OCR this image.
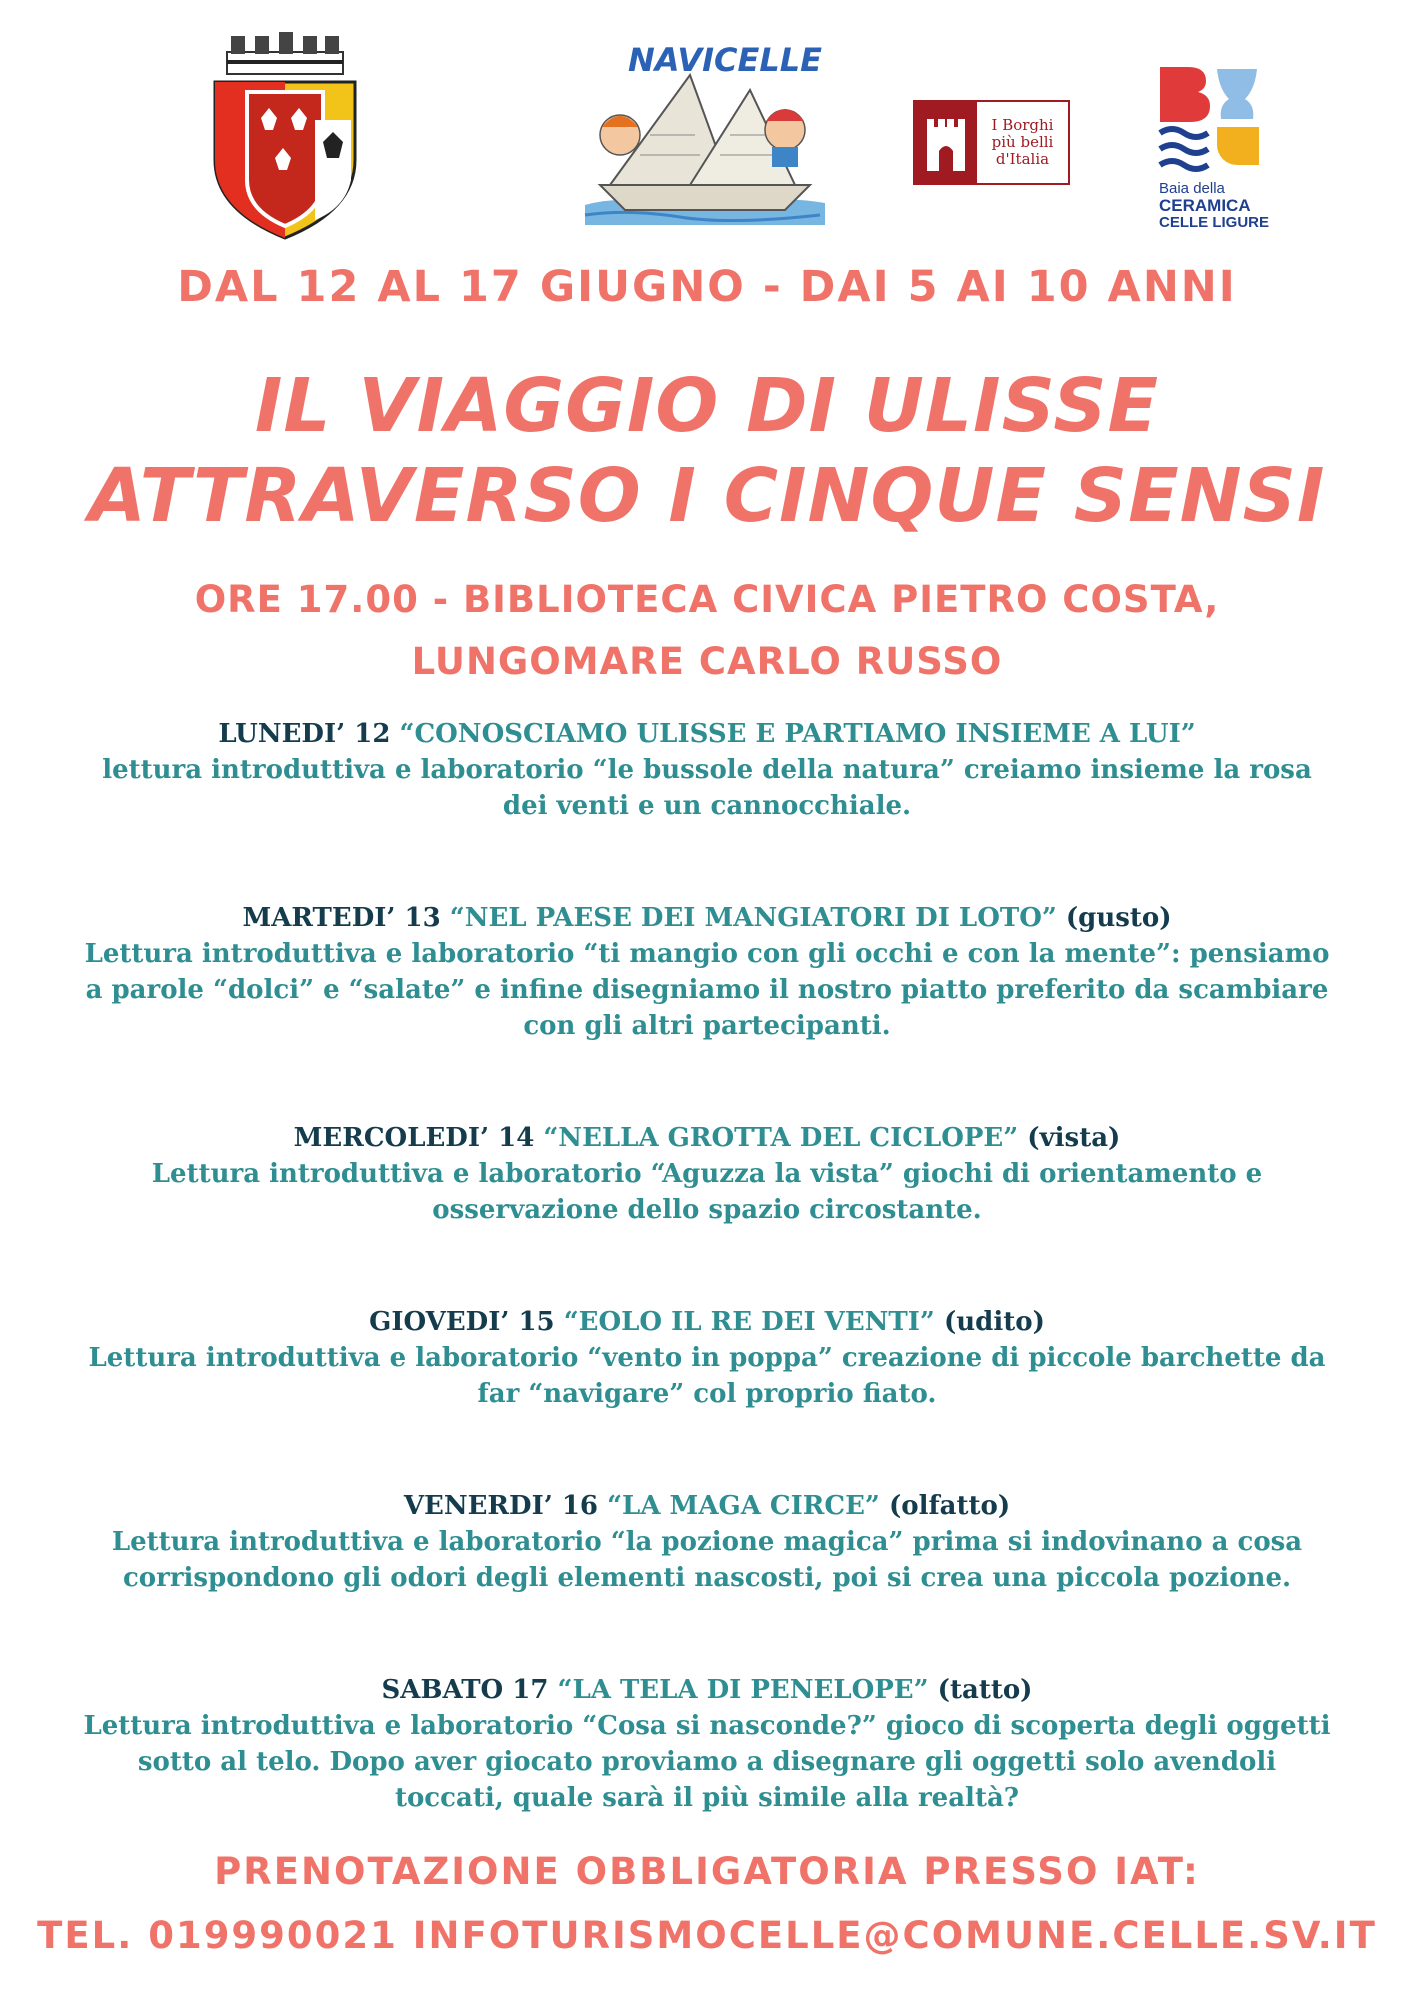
NAVICELLE
I Borghi
più belli
d'Italia
Baia della
CERAMICA
CELLE LIGURE
DAL 12 AL 17 GIUGNO - DAI 5 AI 10 ANNI
IL VIAGGIO DI ULISSE
ATTRAVERSO I CINQUE SENSI
ORE 17.00 - BIBLIOTECA CIVICA PIETRO COSTA,
LUNGOMARE CARLO RUSSO
LUNEDI’ 12 “CONOSCIAMO ULISSE E PARTIAMO INSIEME A LUI”
lettura introduttiva e laboratorio “le bussole della natura” creiamo insieme la rosa
dei venti e un cannocchiale.
MARTEDI’ 13 “NEL PAESE DEI MANGIATORI DI LOTO” (gusto)
Lettura introduttiva e laboratorio “ti mangio con gli occhi e con la mente”: pensiamo
a parole “dolci” e “salate” e infine disegniamo il nostro piatto preferito da scambiare
con gli altri partecipanti.
MERCOLEDI’ 14 “NELLA GROTTA DEL CICLOPE” (vista)
Lettura introduttiva e laboratorio “Aguzza la vista” giochi di orientamento e
osservazione dello spazio circostante.
GIOVEDI’ 15 “EOLO IL RE DEI VENTI” (udito)
Lettura introduttiva e laboratorio “vento in poppa” creazione di piccole barchette da
far “navigare” col proprio fiato.
VENERDI’ 16 “LA MAGA CIRCE” (olfatto)
Lettura introduttiva e laboratorio “la pozione magica” prima si indovinano a cosa
corrispondono gli odori degli elementi nascosti, poi si crea una piccola pozione.
SABATO 17 “LA TELA DI PENELOPE” (tatto)
Lettura introduttiva e laboratorio “Cosa si nasconde?” gioco di scoperta degli oggetti
sotto al telo. Dopo aver giocato proviamo a disegnare gli oggetti solo avendoli
toccati, quale sarà il più simile alla realtà?
PRENOTAZIONE OBBLIGATORIA PRESSO IAT:
TEL. 019990021 INFOTURISMOCELLE@COMUNE.CELLE.SV.IT
